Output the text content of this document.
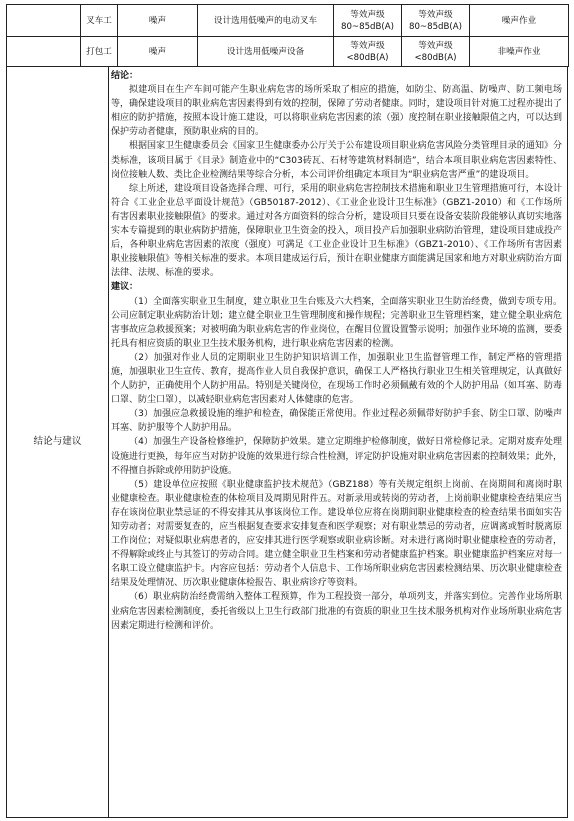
	叉车工	噪声	设计选用低噪声的电动叉车	等效声级80~85dB(A)	等效声级80~85dB(A)	噪声作业
	打包工	噪声	设计选用低噪声设备	等效声级<80dB(A)	等效声级<80dB(A)	非噪声作业
结论与建议

结论：

拟建项目在生产车间可能产生职业病危害的场所采取了相应的措施，如防尘、防高温、防噪声、防工频电场等，确保建设项目的职业病危害因素得到有效的控制，保障了劳动者健康。同时，建设项目针对施工过程亦提出了相应的防护措施，按照本设计施工建设，可以将职业病危害因素的浓（强）度控制在职业接触限值之内，可以达到保护劳动者健康，预防职业病的目的。

根据国家卫生健康委员会《国家卫生健康委办公厅关于公布建设项目职业病危害风险分类管理目录的通知》分类标准，该项目属于《目录》制造业中的“C303砖瓦、石材等建筑材料制造”，结合本项目职业病危害因素特性、岗位接触人数、类比企业检测结果等综合分析，本公司评价组确定本项目为“职业病危害严重”的建设项目。

综上所述，建设项目设备选择合理、可行，采用的职业病危害控制技术措施和职业卫生管理措施可行，本设计符合《工业企业总平面设计规范》（GB50187-2012）、《工业企业设计卫生标准》（GBZ1-2010）和《工作场所有害因素职业接触限值》的要求。通过对各方面资料的综合分析，建设项目只要在设备安装阶段能够认真切实地落实本专篇提到的职业病防护措施，保障职业卫生资金的投入，项目投产后加强职业病防治管理，建设项目建成投产后，各种职业病危害因素的浓度（强度）可满足《工业企业设计卫生标准》（GBZ1-2010）、《工作场所有害因素职业接触限值》等相关标准的要求。本项目建成运行后，预计在职业健康方面能满足国家和地方对职业病防治方面法律、法规、标准的要求。

建议：

（1）全面落实职业卫生制度，建立职业卫生台账及六大档案，全面落实职业卫生防治经费，做到专项专用。公司应制定职业病防治计划；建立健全职业卫生管理制度和操作规程；完善职业卫生管理档案，建立健全职业病危害事故应急救援预案；对被明确为职业病危害的作业岗位，在醒目位置设置警示说明；加强作业环境的监测，要委托具有相应资质的职业卫生技术服务机构，进行职业病危害因素的检测。

（2）加强对作业人员的定期职业卫生防护知识培训工作，加强职业卫生监督管理工作，制定严格的管理措施，加强职业卫生宣传、教育，提高作业人员自我保护意识，确保工人严格执行职业卫生相关管理规定，认真做好个人防护，正确使用个人防护用品。特别是关键岗位，在现场工作时必须佩戴有效的个人防护用品（如耳塞、防毒口罩、防尘口罩），以减轻职业病危害因素对人体健康的危害。

（3）加强应急救援设施的维护和检查，确保能正常使用。作业过程必须佩带好防护手套、防尘口罩、防噪声耳塞、防护服等个人防护用品。

（4）加强生产设备检修维护，保障防护效果。建立定期维护检修制度，做好日常检修记录。定期对废弃处理设施进行更换，每年应当对防护设施的效果进行综合性检测，评定防护设施对职业病危害因素的控制效果；此外，不得擅自拆除或停用防护设施。

（5）建设单位应按照《职业健康监护技术规范》（GBZ188）等有关规定组织上岗前、在岗期间和离岗时职业健康检查。职业健康检查的体检项目及周期见附件五。对新录用或转岗的劳动者，上岗前职业健康检查结果应当存在该岗位职业禁忌证的不得安排其从事该岗位工作。建设单位应将在岗期间职业健康检查的检查结果书面如实告知劳动者；对需要复查的，应当根据复查要求安排复查和医学观察；对有职业禁忌的劳动者，应调离或暂时脱离原工作岗位；对疑似职业病患者的，应安排其进行医学观察或职业病诊断。对未进行离岗时职业健康检查的劳动者，不得解除或终止与其签订的劳动合同。建立健全职业卫生档案和劳动者健康监护档案。职业健康监护档案应对每一名职工设立健康监护卡。内容应包括：劳动者个人信息卡、工作场所职业病危害因素检测结果、历次职业健康检查结果及处理情况、历次职业健康体检报告、职业病诊疗等资料。

（6）职业病防治经费需纳入整体工程预算，作为工程投资一部分，单项列支，并落实到位。完善作业场所职业病危害因素检测制度，委托省级以上卫生行政部门批准的有资质的职业卫生技术服务机构对作业场所职业病危害因素定期进行检测和评价。
